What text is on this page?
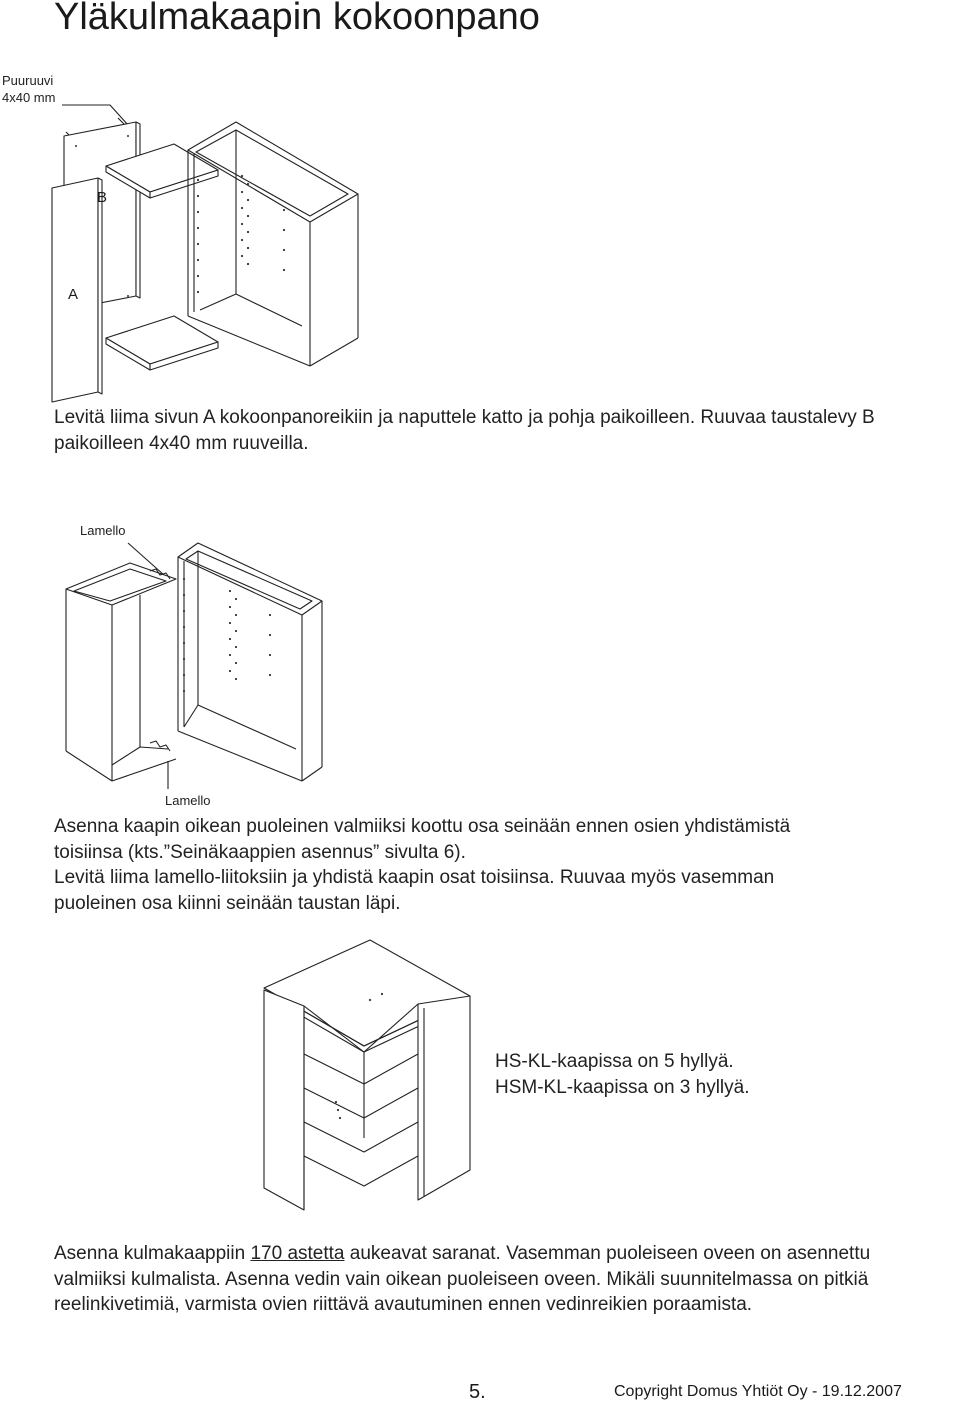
Yläkulmakaapin kokoonpano
Puuruuvi
4x40 mm
B
A

Levitä liima sivun A kokoonpanoreikiin ja naputtele katto ja pohja paikoilleen. Ruuvaa taustalevy B paikoilleen 4x40 mm ruuveilla.

Lamello
Lamello

Asenna kaapin oikean puoleinen valmiiksi koottu osa seinään ennen osien yhdistämistä

toisiinsa (kts.”Seinäkaappien asennus” sivulta 6).

Levitä liima lamello-liitoksiin ja yhdistä kaapin osat toisiinsa. Ruuvaa myös vasemman

puoleinen osa kiinni seinään taustan läpi.

HS-KL-kaapissa on 5 hyllyä.

HSM-KL-kaapissa on 3 hyllyä.

Asenna kulmakaappiin 170 astetta aukeavat saranat. Vasemman puoleiseen oveen on asennettu valmiiksi kulmalista. Asenna vedin vain oikean puoleiseen oveen. Mikäli suunnitelmassa on pitkiä reelinkivetimiä, varmista ovien riittävä avautuminen ennen vedinreikien poraamista.

5.	Copyright Domus Yhtiöt Oy - 19.12.2007
